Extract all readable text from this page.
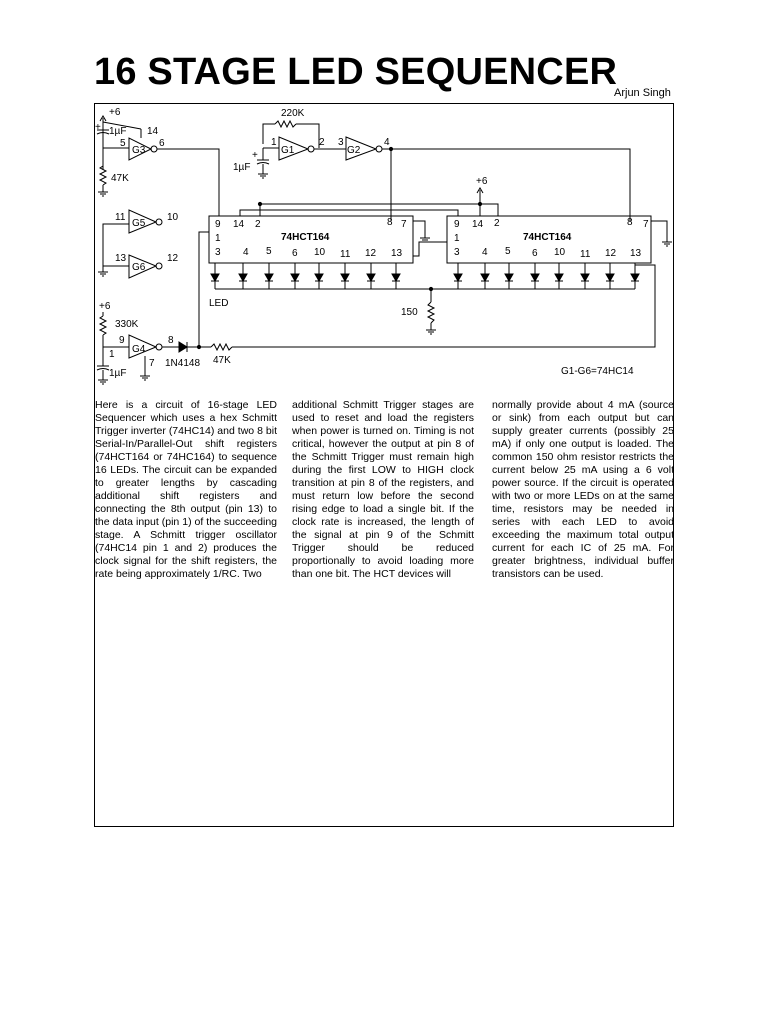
16 STAGE LED SEQUENCER
Arjun Singh
+6
+ 1µF
47K
G3
5	6
14
220K
G1
1	2
G2
3	4
+
1µF
74HCT164
9 14 2	8 7
1
3 4 5 6 10 11 12 13
74HCT164
9 14 2	8 7
1
3 4 5 6 10 11 12 13
+6
LED
150
G5
11	10
G6
13	12
+6
330K
1
1µF
G4
9	8
7 1N4148 47K
G1-G6=74HC14

Here is a circuit of 16-stage LED Sequencer which uses a hex Schmitt Trigger inverter (74HC14) and two 8 bit Serial-In/Parallel-Out shift registers (74HCT164 or 74HC164) to sequence 16 LEDs. The circuit can be expanded to greater lengths by cascading additional shift registers and connecting the 8th output (pin 13) to the data input (pin 1) of the succeeding stage. A Schmitt trigger oscillator (74HC14 pin 1 and 2) produces the clock signal for the shift registers, the rate being approximately 1/RC. Two

additional Schmitt Trigger stages are used to reset and load the registers when power is turned on. Timing is not critical, however the output at pin 8 of the Schmitt Trigger must remain high during the first LOW to HIGH clock transition at pin 8 of the registers, and must return low before the second rising edge to load a single bit. If the clock rate is increased, the length of the signal at pin 9 of the Schmitt Trigger should be reduced proportionally to avoid loading more than one bit. The HCT devices will

normally provide about 4 mA (source or sink) from each output but can supply greater currents (possibly 25 mA) if only one output is loaded. The common 150 ohm resistor restricts the current below 25 mA using a 6 volt power source. If the circuit is operated with two or more LEDs on at the same time, resistors may be needed in series with each LED to avoid exceeding the maximum total output current for each IC of 25 mA. For greater brightness, individual buffer transistors can be used.
